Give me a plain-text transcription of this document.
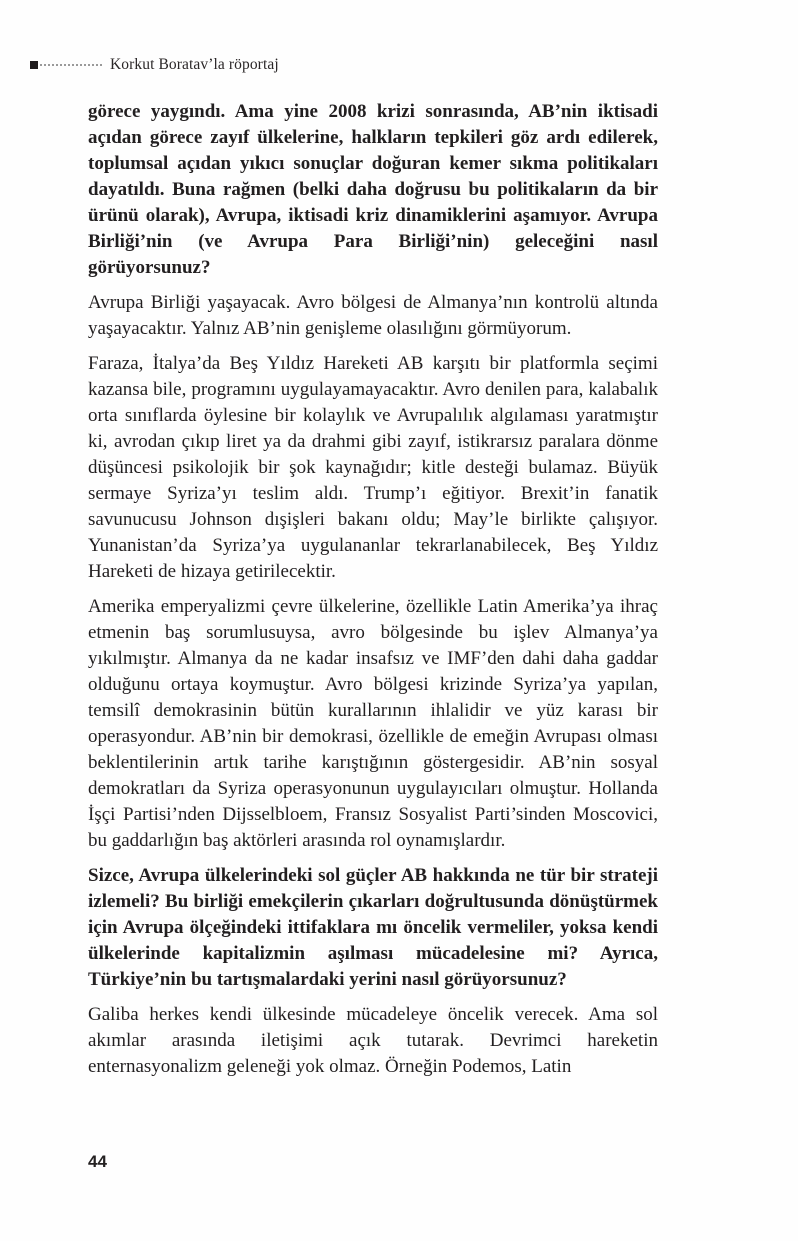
Korkut Boratav’la röportaj

görece yaygındı. Ama yine 2008 krizi sonrasında, AB’nin iktisadi açıdan görece zayıf ülkelerine, halkların tepkileri göz ardı edilerek, toplumsal açıdan yıkıcı sonuçlar doğuran kemer sıkma politikaları dayatıldı. Buna rağmen (belki daha doğrusu bu politikaların da bir ürünü olarak), Avrupa, iktisadi kriz dinamiklerini aşamıyor. Avrupa Birliği’nin (ve Avrupa Para Birliği’nin) geleceğini nasıl görüyorsunuz?

Avrupa Birliği yaşayacak. Avro bölgesi de Almanya’nın kontrolü altında yaşayacaktır. Yalnız AB’nin genişleme olasılığını görmüyorum.

Faraza, İtalya’da Beş Yıldız Hareketi AB karşıtı bir platformla seçimi kazansa bile, programını uygulayamayacaktır. Avro denilen para, kalabalık orta sınıflarda öylesine bir kolaylık ve Avrupalılık algılaması yaratmıştır ki, avrodan çıkıp liret ya da drahmi gibi zayıf, istikrarsız paralara dönme düşüncesi psikolojik bir şok kaynağıdır; kitle desteği bulamaz. Büyük sermaye Syriza’yı teslim aldı. Trump’ı eğitiyor. Brexit’in fanatik savunucusu Johnson dışişleri bakanı oldu; May’le birlikte çalışıyor. Yunanistan’da Syriza’ya uygulananlar tekrarlanabilecek, Beş Yıldız Hareketi de hizaya getirilecektir.

Amerika emperyalizmi çevre ülkelerine, özellikle Latin Amerika’ya ihraç etmenin baş sorumlusuysa, avro bölgesinde bu işlev Almanya’ya yıkılmıştır. Almanya da ne kadar insafsız ve IMF’den dahi daha gaddar olduğunu ortaya koymuştur. Avro bölgesi krizinde Syriza’ya yapılan, temsilî demokrasinin bütün kurallarının ihlalidir ve yüz karası bir operasyondur. AB’nin bir demokrasi, özellikle de emeğin Avrupası olması beklentilerinin artık tarihe karıştığının göstergesidir. AB’nin sosyal demokratları da Syriza operasyonunun uygulayıcıları olmuştur. Hollanda İşçi Partisi’nden Dijsselbloem, Fransız Sosyalist Parti’sinden Moscovici, bu gaddarlığın baş aktörleri arasında rol oynamışlardır.

Sizce, Avrupa ülkelerindeki sol güçler AB hakkında ne tür bir strateji izlemeli? Bu birliği emekçilerin çıkarları doğrultusunda dönüştürmek için Avrupa ölçeğindeki ittifaklara mı öncelik vermeliler, yoksa kendi ülkelerinde kapitalizmin aşılması mücadelesine mi? Ayrıca, Türkiye’nin bu tartışmalardaki yerini nasıl görüyorsunuz?

Galiba herkes kendi ülkesinde mücadeleye öncelik verecek. Ama sol akımlar arasında iletişimi açık tutarak. Devrimci hareketin enternasyonalizm geleneği yok olmaz. Örneğin Podemos, Latin

44
